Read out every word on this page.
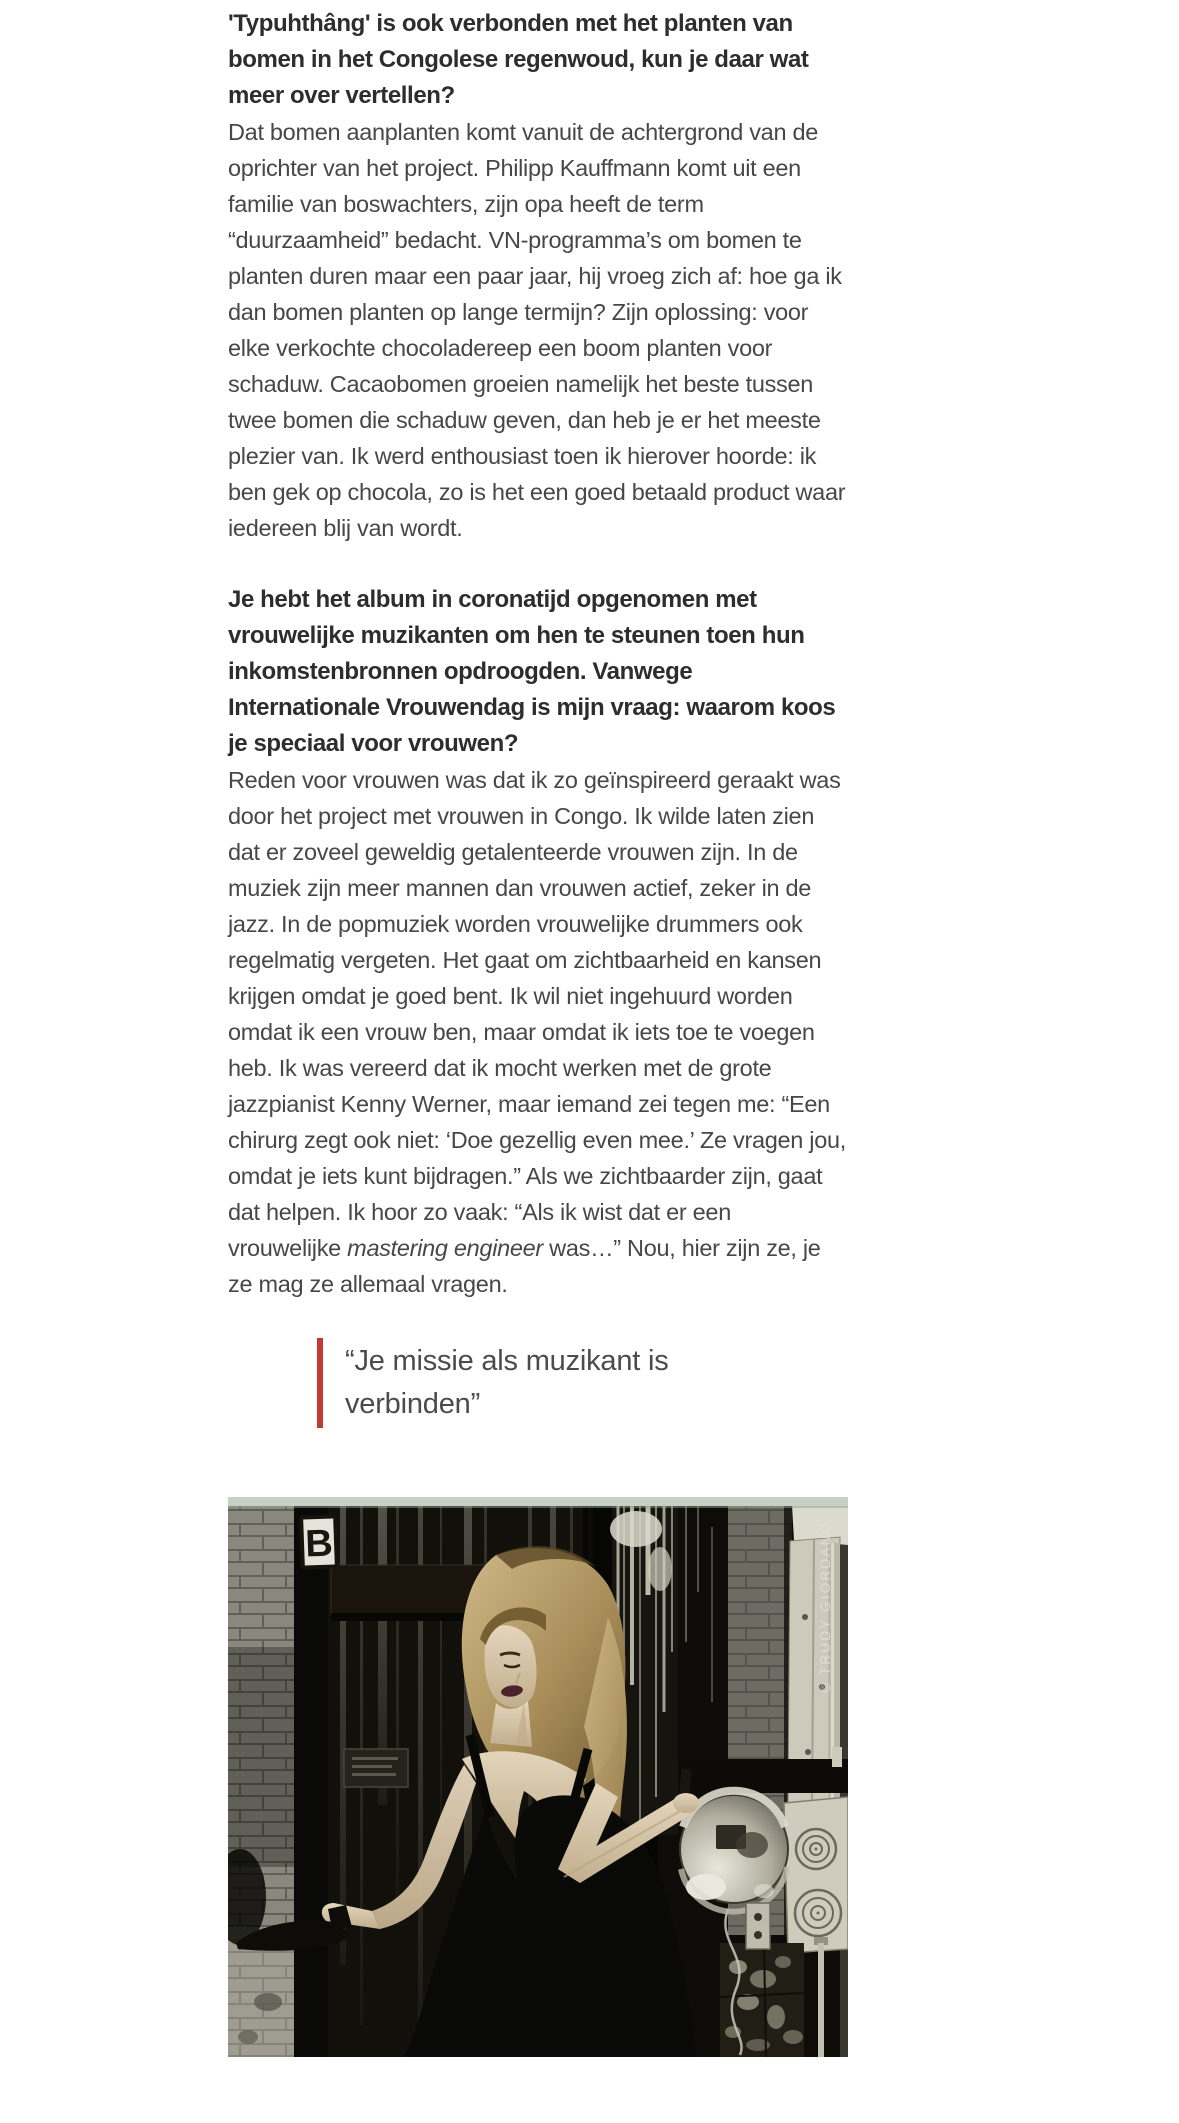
'Typuhthâng' is ook verbonden met het planten van bomen in het Congolese regenwoud, kun je daar wat meer over vertellen?

Dat bomen aanplanten komt vanuit de achtergrond van de oprichter van het project. Philipp Kauffmann komt uit een familie van boswachters, zijn opa heeft de term “duurzaamheid” bedacht. VN-programma’s om bomen te planten duren maar een paar jaar, hij vroeg zich af: hoe ga ik dan bomen planten op lange termijn? Zijn oplossing: voor elke verkochte chocoladereep een boom planten voor schaduw. Cacaobomen groeien namelijk het beste tussen twee bomen die schaduw geven, dan heb je er het meeste plezier van. Ik werd enthousiast toen ik hierover hoorde: ik ben gek op chocola, zo is het een goed betaald product waar iedereen blij van wordt.

Je hebt het album in coronatijd opgenomen met vrouwelijke muzikanten om hen te steunen toen hun inkomstenbronnen opdroogden. Vanwege Internationale Vrouwendag is mijn vraag: waarom koos je speciaal voor vrouwen?

Reden voor vrouwen was dat ik zo geïnspireerd geraakt was door het project met vrouwen in Congo. Ik wilde laten zien dat er zoveel geweldig getalenteerde vrouwen zijn. In de muziek zijn meer mannen dan vrouwen actief, zeker in de jazz. In de popmuziek worden vrouwelijke drummers ook regelmatig vergeten. Het gaat om zichtbaarheid en kansen krijgen omdat je goed bent. Ik wil niet ingehuurd worden omdat ik een vrouw ben, maar omdat ik iets toe te voegen heb. Ik was vereerd dat ik mocht werken met de grote jazzpianist Kenny Werner, maar iemand zei tegen me: “Een chirurg zegt ook niet: ‘Doe gezellig even mee.’ Ze vragen jou, omdat je iets kunt bijdragen.” Als we zichtbaarder zijn, gaat dat helpen. Ik hoor zo vaak: “Als ik wist dat er een vrouwelijke mastering engineer was…” Nou, hier zijn ze, je ze mag ze allemaal vragen.

“Je missie als muzikant is verbinden”
B	© TRUDY GIORDANO
